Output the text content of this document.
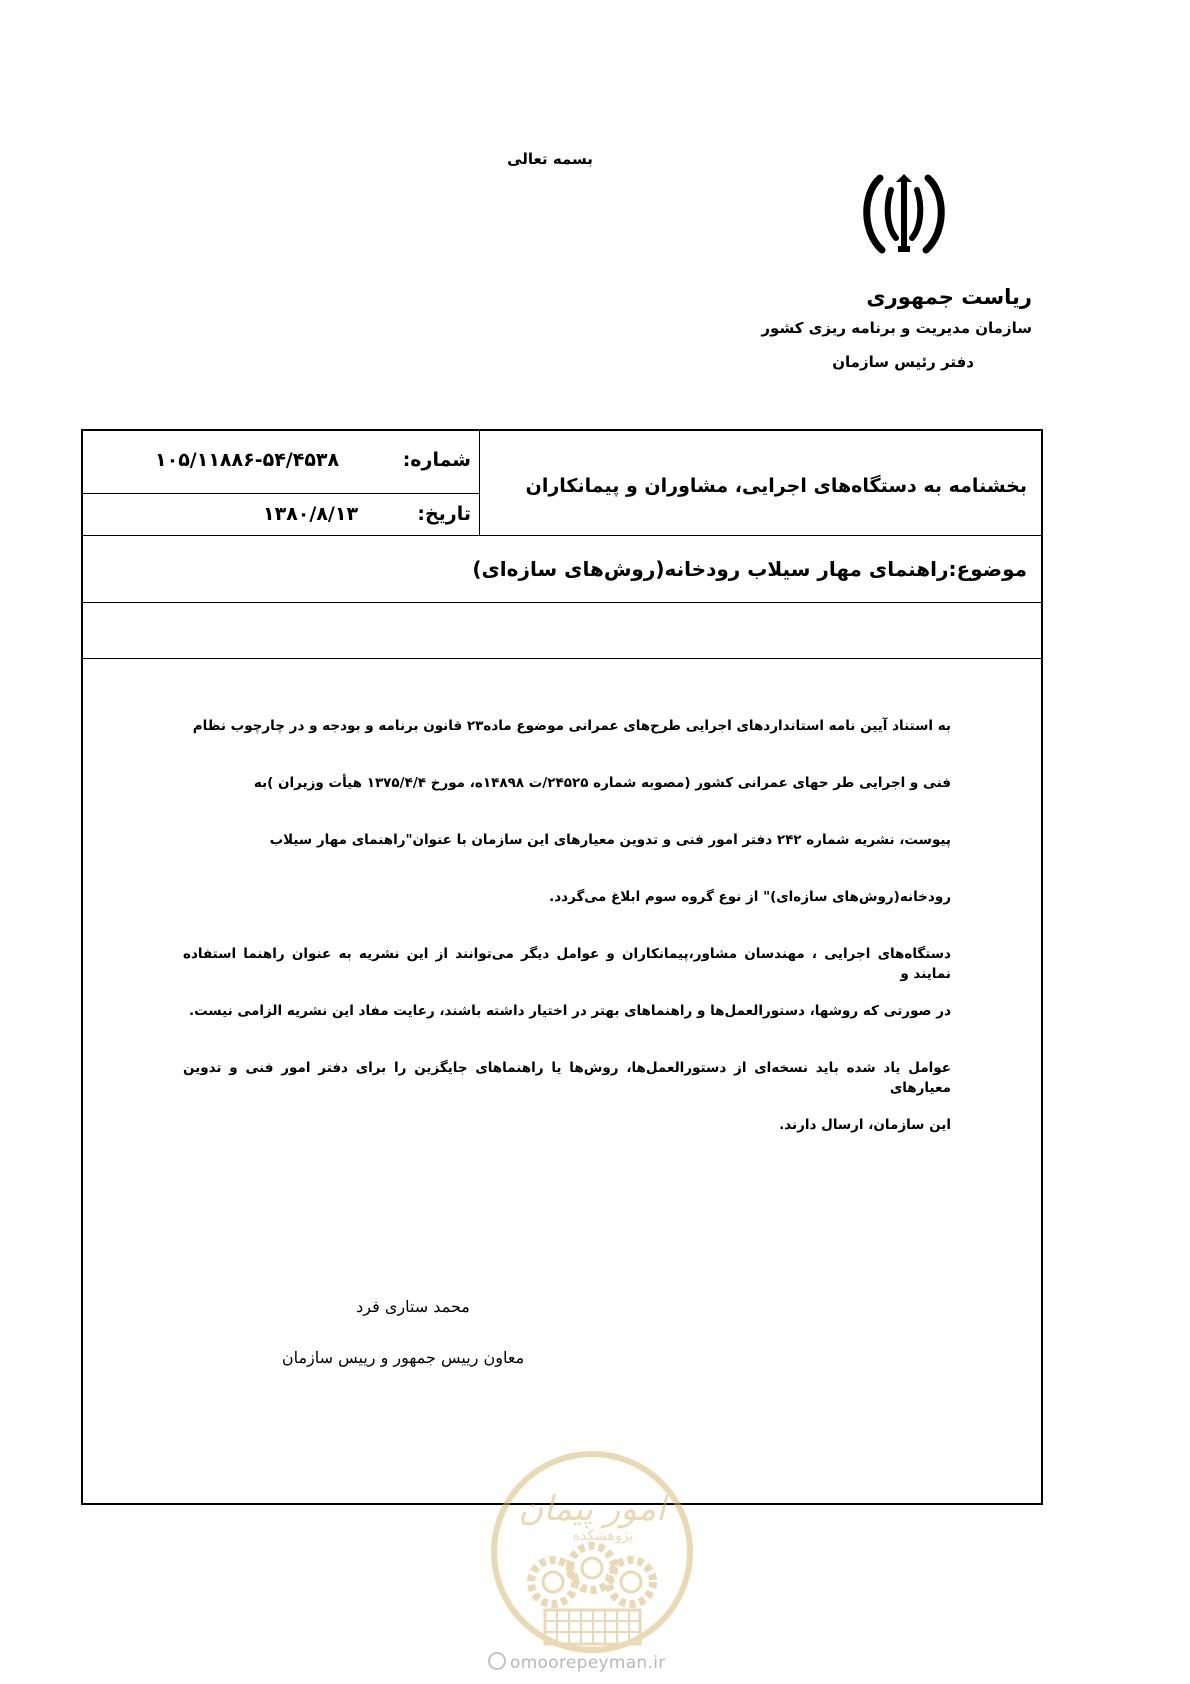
بسمه تعالی
ریاست جمهوری
سازمان مدیریت و برنامه ریزی کشور
دفتر رئیس سازمان
شماره:
۱۰۵/۱۱۸۸۶-۵۴/۴۵۳۸
تاریخ:
۱۳۸۰/۸/۱۳
بخشنامه به دستگاه‌های اجرایی، مشاوران و پیمانکاران
موضوع:راهنمای مهار سیلاب رودخانه(روش‌های سازه‌ای)
به استناد آیین نامه استانداردهای اجرایی طرح‌های عمرانی موضوع ماده۲۳ قانون برنامه و بودجه و در چارچوب نظام
فنی و اجرایی طر حهای عمرانی کشور (مصوبه شماره ۲۴۵۲۵/ت ۱۴۸۹۸ه، مورخ ۱۳۷۵/۴/۴ هیأت وزیران )به
پیوست، نشریه شماره ۲۴۲ دفتر امور فنی و تدوین معیارهای این سازمان با عنوان"راهنمای مهار سیلاب
رودخانه(روش‌های سازه‌ای)" از نوع گروه سوم ابلاغ می‌گردد.
دستگاه‌های اجرایی ، مهندسان مشاور،پیمانکاران و عوامل دیگر می‌توانند از این نشریه به عنوان راهنما استفاده نمایند و
در صورتی که روشها، دستورالعمل‌ها و راهنماهای بهتر در اختیار داشته باشند، رعایت مفاد این نشریه الزامی نیست.
عوامل یاد شده باید نسخه‌ای از دستورالعمل‌ها، روش‌ها یا راهنماهای جایگزین را برای دفتر امور فنی و تدوین معیارهای
این سازمان، ارسال دارند.
محمد ستاری فرد
معاون رییس جمهور و رییس سازمان
امور پیمان
پژوهشکده
omoorepeyman.ir
